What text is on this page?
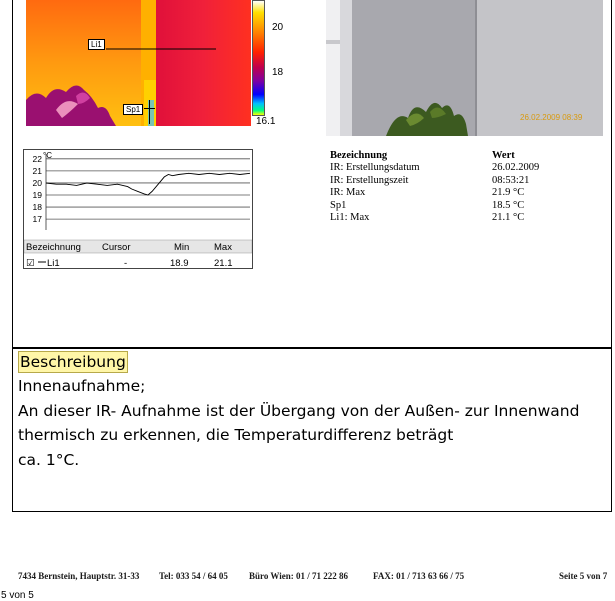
Li1
Sp1
20
18
16.1	26.02.2009 08:39
°C
22
21
20
19
18
17
Bezeichnung Cursor	Min	Max
☑ Li1	-	18.9	21.1
Bezeichnung	Wert
IR: Erstellungsdatum	26.02.2009
IR: Erstellungszeit	08:53:21
IR: Max	21.9 °C
Sp1	18.5 °C
Li1: Max	21.1 °C
Beschreibung
Innenaufnahme;
An dieser IR- Aufnahme ist der Übergang von der Außen- zur Innenwand
thermisch zu erkennen, die Temperaturdifferenz beträgt
ca. 1°C.
7434 Bernstein, Hauptstr. 31-33 Tel: 033 54 / 64 05 Büro Wien: 01 / 71 222 86	FAX: 01 / 713 63 66 / 75	Seite 5 von 7
5 von 5
